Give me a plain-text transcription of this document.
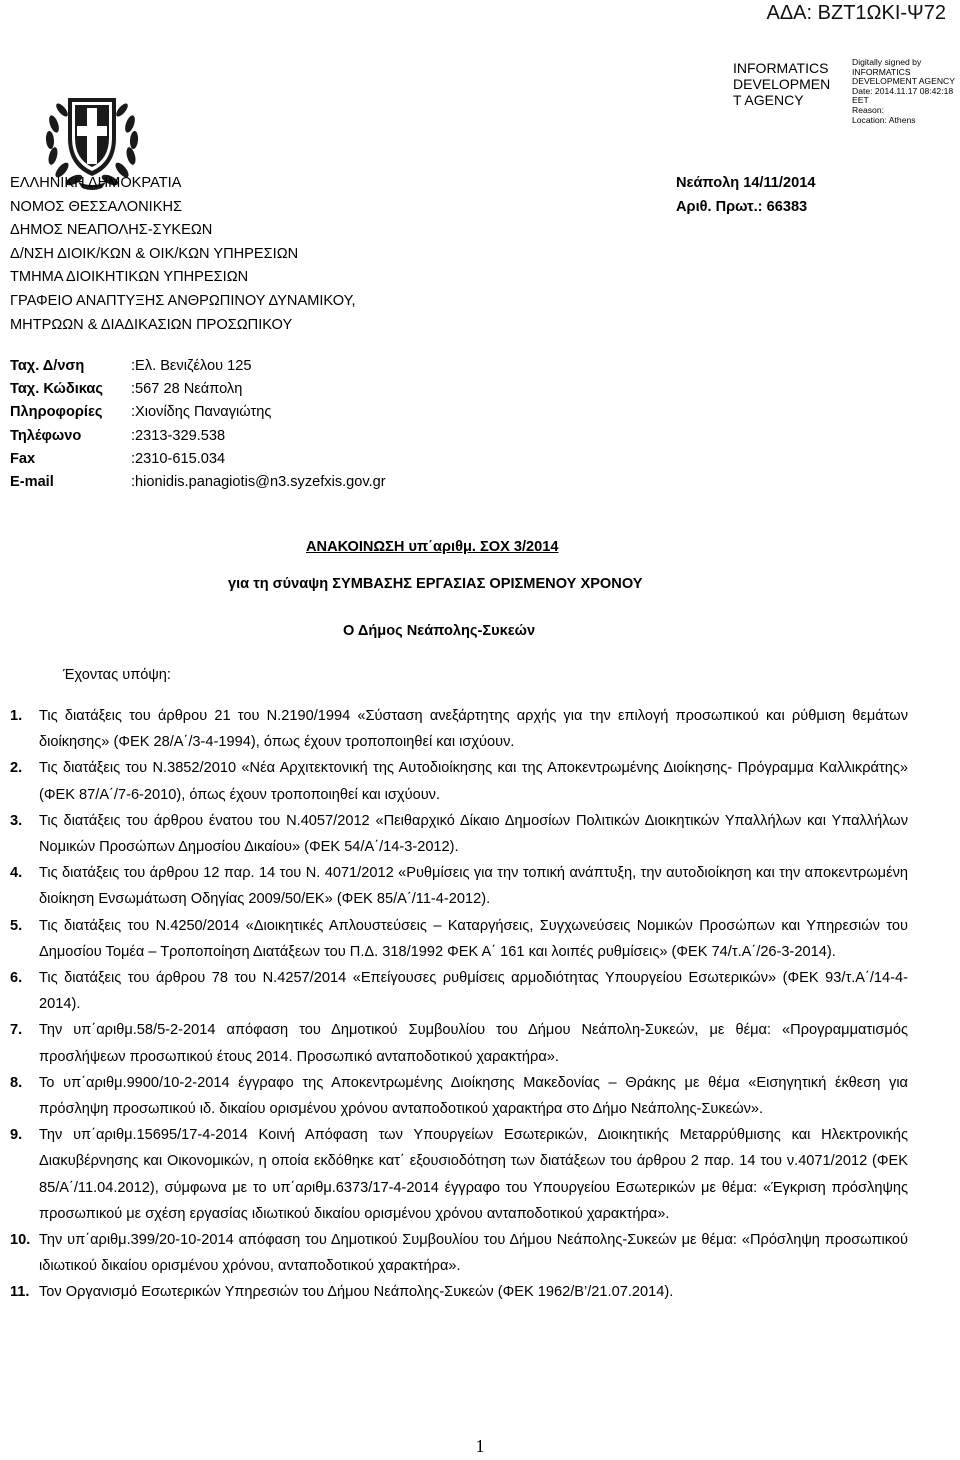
ΑΔΑ: ΒΖΤ1ΩΚΙ-Ψ72
INFORMATICS
DEVELOPMEN
T AGENCY
Digitally signed by
INFORMATICS
DEVELOPMENT AGENCY
Date: 2014.11.17 08:42:18
EET
Reason:
Location: Athens
ΕΛΛΗΝΙΚΗ ΔΗΜΟΚΡΑΤΙΑ
ΝΟΜΟΣ ΘΕΣΣΑΛΟΝΙΚΗΣ
ΔΗΜΟΣ ΝΕΑΠΟΛΗΣ-ΣΥΚΕΩΝ
Δ/ΝΣΗ ΔΙΟΙΚ/ΚΩΝ & ΟΙΚ/ΚΩΝ ΥΠΗΡΕΣΙΩΝ
ΤΜΗΜΑ ΔΙΟΙΚΗΤΙΚΩΝ ΥΠΗΡΕΣΙΩΝ
ΓΡΑΦΕΙΟ ΑΝΑΠΤΥΞΗΣ ΑΝΘΡΩΠΙΝΟΥ ΔΥΝΑΜΙΚΟΥ,
ΜΗΤΡΩΩΝ & ΔΙΑΔΙΚΑΣΙΩΝ ΠΡΟΣΩΠΙΚΟΥ
Νεάπολη 14/11/2014
Αριθ. Πρωτ.: 66383
Ταχ. Δ/νση	:Ελ. Βενιζέλου 125
Ταχ. Κώδικας :567 28 Νεάπολη
Πληροφορίες :Χιονίδης Παναγιώτης
Τηλέφωνο	:2313-329.538
Fax	:2310-615.034
E-mail	:hionidis.panagiotis@n3.syzefxis.gov.gr
ΑΝΑΚΟΙΝΩΣΗ υπ΄αριθμ. ΣΟΧ 3/2014
για τη σύναψη ΣΥΜΒΑΣΗΣ ΕΡΓΑΣΙΑΣ ΟΡΙΣΜΕΝΟΥ ΧΡΟΝΟΥ
Ο Δήμος Νεάπολης-Συκεών
Έχοντας υπόψη:
1. Τις διατάξεις του άρθρου 21 του Ν.2190/1994 «Σύσταση ανεξάρτητης αρχής για την επιλογή προσωπικού και ρύθμιση θεμάτων διοίκησης» (ΦΕΚ 28/Α΄/3-4-1994), όπως έχουν τροποποιηθεί και ισχύουν.
2. Τις διατάξεις του Ν.3852/2010 «Νέα Αρχιτεκτονική της Αυτοδιοίκησης και της Αποκεντρωμένης Διοίκησης- Πρόγραμμα Καλλικράτης» (ΦΕΚ 87/Α΄/7-6-2010), όπως έχουν τροποποιηθεί και ισχύουν.
3. Τις διατάξεις του άρθρου ένατου του Ν.4057/2012 «Πειθαρχικό Δίκαιο Δημοσίων Πολιτικών Διοικητικών Υπαλλήλων και Υπαλλήλων Νομικών Προσώπων Δημοσίου Δικαίου» (ΦΕΚ 54/Α΄/14-3-2012).
4. Τις διατάξεις του άρθρου 12 παρ. 14 του Ν. 4071/2012 «Ρυθμίσεις για την τοπική ανάπτυξη, την αυτοδιοίκηση και την αποκεντρωμένη διοίκηση Ενσωμάτωση Οδηγίας 2009/50/ΕΚ» (ΦΕΚ 85/Α΄/11-4-2012).
5. Τις διατάξεις του Ν.4250/2014 «Διοικητικές Απλουστεύσεις – Καταργήσεις, Συγχωνεύσεις Νομικών Προσώπων και Υπηρεσιών του Δημοσίου Τομέα – Τροποποίηση Διατάξεων του Π.Δ. 318/1992 ΦΕΚ Α΄ 161 και λοιπές ρυθμίσεις» (ΦΕΚ 74/τ.Α΄/26-3-2014).
6. Τις διατάξεις του άρθρου 78 του Ν.4257/2014 «Επείγουσες ρυθμίσεις αρμοδιότητας Υπουργείου Εσωτερικών» (ΦΕΚ 93/τ.Α΄/14-4-2014).
7. Την υπ΄αριθμ.58/5-2-2014 απόφαση του Δημοτικού Συμβουλίου του Δήμου Νεάπολη-Συκεών, με θέμα: «Προγραμματισμός προσλήψεων προσωπικού έτους 2014. Προσωπικό ανταποδοτικού χαρακτήρα».
8. Το υπ΄αριθμ.9900/10-2-2014 έγγραφο της Αποκεντρωμένης Διοίκησης Μακεδονίας – Θράκης με θέμα «Εισηγητική έκθεση για πρόσληψη προσωπικού ιδ. δικαίου ορισμένου χρόνου ανταποδοτικού χαρακτήρα στο Δήμο Νεάπολης-Συκεών».
9. Την υπ΄αριθμ.15695/17-4-2014 Κοινή Απόφαση των Υπουργείων Εσωτερικών, Διοικητικής Μεταρρύθμισης και Ηλεκτρονικής Διακυβέρνησης και Οικονομικών, η οποία εκδόθηκε κατ΄ εξουσιοδότηση των διατάξεων του άρθρου 2 παρ. 14 του ν.4071/2012 (ΦΕΚ 85/Α΄/11.04.2012), σύμφωνα με το υπ΄αριθμ.6373/17-4-2014 έγγραφο του Υπουργείου Εσωτερικών με θέμα: «Έγκριση πρόσληψης προσωπικού με σχέση εργασίας ιδιωτικού δικαίου ορισμένου χρόνου ανταποδοτικού χαρακτήρα».
10. Την υπ΄αριθμ.399/20-10-2014 απόφαση του Δημοτικού Συμβουλίου του Δήμου Νεάπολης-Συκεών με θέμα: «Πρόσληψη προσωπικού ιδιωτικού δικαίου ορισμένου χρόνου, ανταποδοτικού χαρακτήρα».
11. Τον Οργανισμό Εσωτερικών Υπηρεσιών του Δήμου Νεάπολης-Συκεών (ΦΕΚ 1962/Β’/21.07.2014).
1
